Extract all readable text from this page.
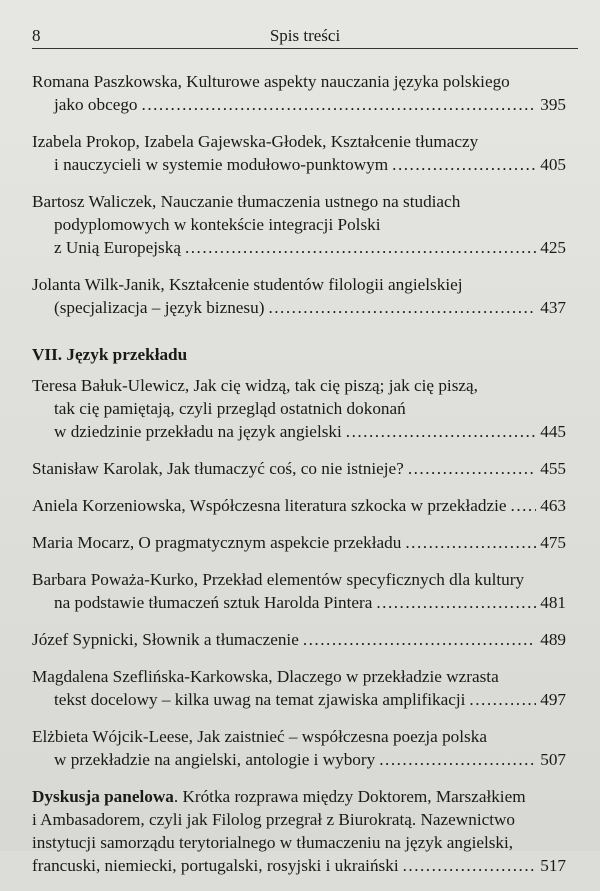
8	Spis treści
Romana Paszkowska, Kulturowe aspekty nauczania języka polskiego
jako obcego .....	395
Izabela Prokop, Izabela Gajewska-Głodek, Kształcenie tłumaczy
i nauczycieli w systemie modułowo-punktowym .....	405
Bartosz Waliczek, Nauczanie tłumaczenia ustnego na studiach
podyplomowych w kontekście integracji Polski
z Unią Europejską .....	425
Jolanta Wilk-Janik, Kształcenie studentów filologii angielskiej
(specjalizacja – język biznesu) .....	437
VII. Język przekładu
Teresa Bałuk-Ulewicz, Jak cię widzą, tak cię piszą; jak cię piszą,
tak cię pamiętają, czyli przegląd ostatnich dokonań
w dziedzinie przekładu na język angielski .....	445
Stanisław Karolak, Jak tłumaczyć coś, co nie istnieje? .....	455
Aniela Korzeniowska, Współczesna literatura szkocka w przekładzie ..... 463
Maria Mocarz, O pragmatycznym aspekcie przekładu .....	475
Barbara Poważa-Kurko, Przekład elementów specyficznych dla kultury
na podstawie tłumaczeń sztuk Harolda Pintera .....	481
Józef Sypnicki, Słownik a tłumaczenie .....	489
Magdalena Szeflińska-Karkowska, Dlaczego w przekładzie wzrasta
tekst docelowy – kilka uwag na temat zjawiska amplifikacji .....	497
Elżbieta Wójcik-Leese, Jak zaistnieć – współczesna poezja polska
w przekładzie na angielski, antologie i wybory .....	507
Dyskusja panelowa. Krótka rozprawa między Doktorem, Marszałkiem
i Ambasadorem, czyli jak Filolog przegrał z Biurokratą. Nazewnictwo
instytucji samorządu terytorialnego w tłumaczeniu na język angielski,
francuski, niemiecki, portugalski, rosyjski i ukraiński .....	517
